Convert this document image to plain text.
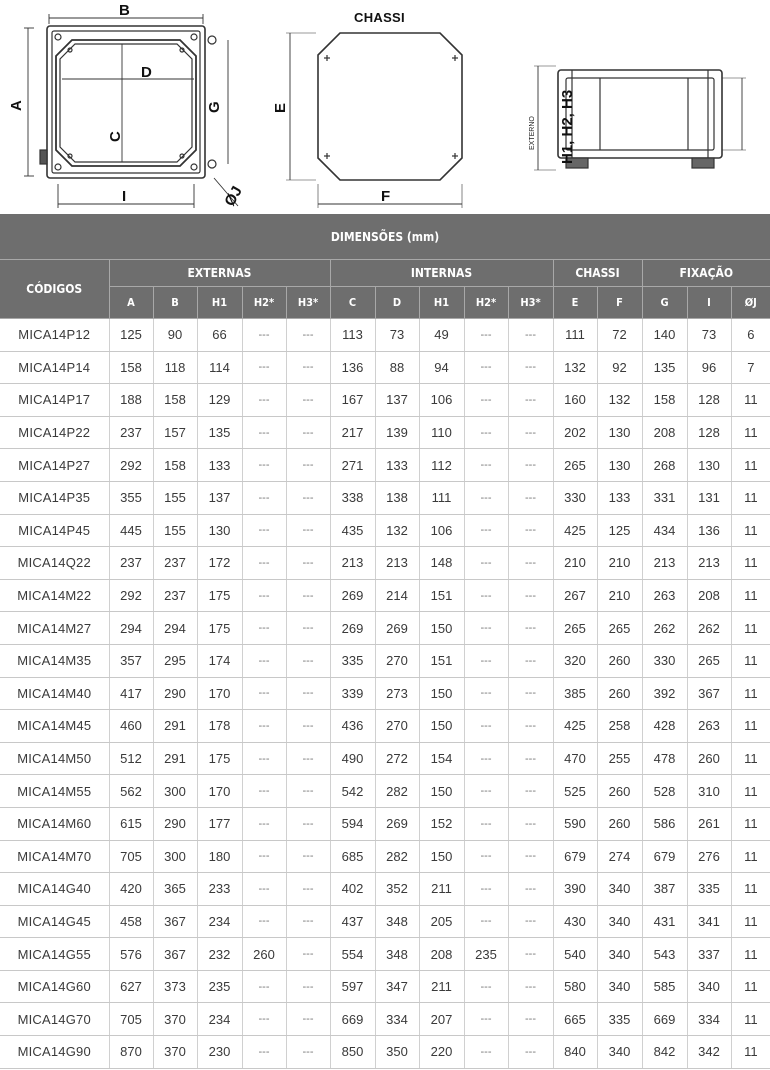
B
A
D
C
G
I	ØJ
E
F
H1, H2, H3
EXTERNO
CHASSI
DIMENSÕES (mm)															
CÓDIGOS	EXTERNAS					INTERNAS					CHASSI		FIXAÇÃO		
	A	B	H1	H2*	H3*	C	D	H1	H2*	H3*	E	F	G	I	ØJ
MICA14P12	125	90	66	---	---	113	73	49	---	---	111	72	140	73	6
MICA14P14	158	118	114	---	---	136	88	94	---	---	132	92	135	96	7
MICA14P17	188	158	129	---	---	167	137	106	---	---	160	132	158	128	11
MICA14P22	237	157	135	---	---	217	139	110	---	---	202	130	208	128	11
MICA14P27	292	158	133	---	---	271	133	112	---	---	265	130	268	130	11
MICA14P35	355	155	137	---	---	338	138	111	---	---	330	133	331	131	11
MICA14P45	445	155	130	---	---	435	132	106	---	---	425	125	434	136	11
MICA14Q22	237	237	172	---	---	213	213	148	---	---	210	210	213	213	11
MICA14M22	292	237	175	---	---	269	214	151	---	---	267	210	263	208	11
MICA14M27	294	294	175	---	---	269	269	150	---	---	265	265	262	262	11
MICA14M35	357	295	174	---	---	335	270	151	---	---	320	260	330	265	11
MICA14M40	417	290	170	---	---	339	273	150	---	---	385	260	392	367	11
MICA14M45	460	291	178	---	---	436	270	150	---	---	425	258	428	263	11
MICA14M50	512	291	175	---	---	490	272	154	---	---	470	255	478	260	11
MICA14M55	562	300	170	---	---	542	282	150	---	---	525	260	528	310	11
MICA14M60	615	290	177	---	---	594	269	152	---	---	590	260	586	261	11
MICA14M70	705	300	180	---	---	685	282	150	---	---	679	274	679	276	11
MICA14G40	420	365	233	---	---	402	352	211	---	---	390	340	387	335	11
MICA14G45	458	367	234	---	---	437	348	205	---	---	430	340	431	341	11
MICA14G55	576	367	232	260	---	554	348	208	235	---	540	340	543	337	11
MICA14G60	627	373	235	---	---	597	347	211	---	---	580	340	585	340	11
MICA14G70	705	370	234	---	---	669	334	207	---	---	665	335	669	334	11
MICA14G90	870	370	230	---	---	850	350	220	---	---	840	340	842	342	11
